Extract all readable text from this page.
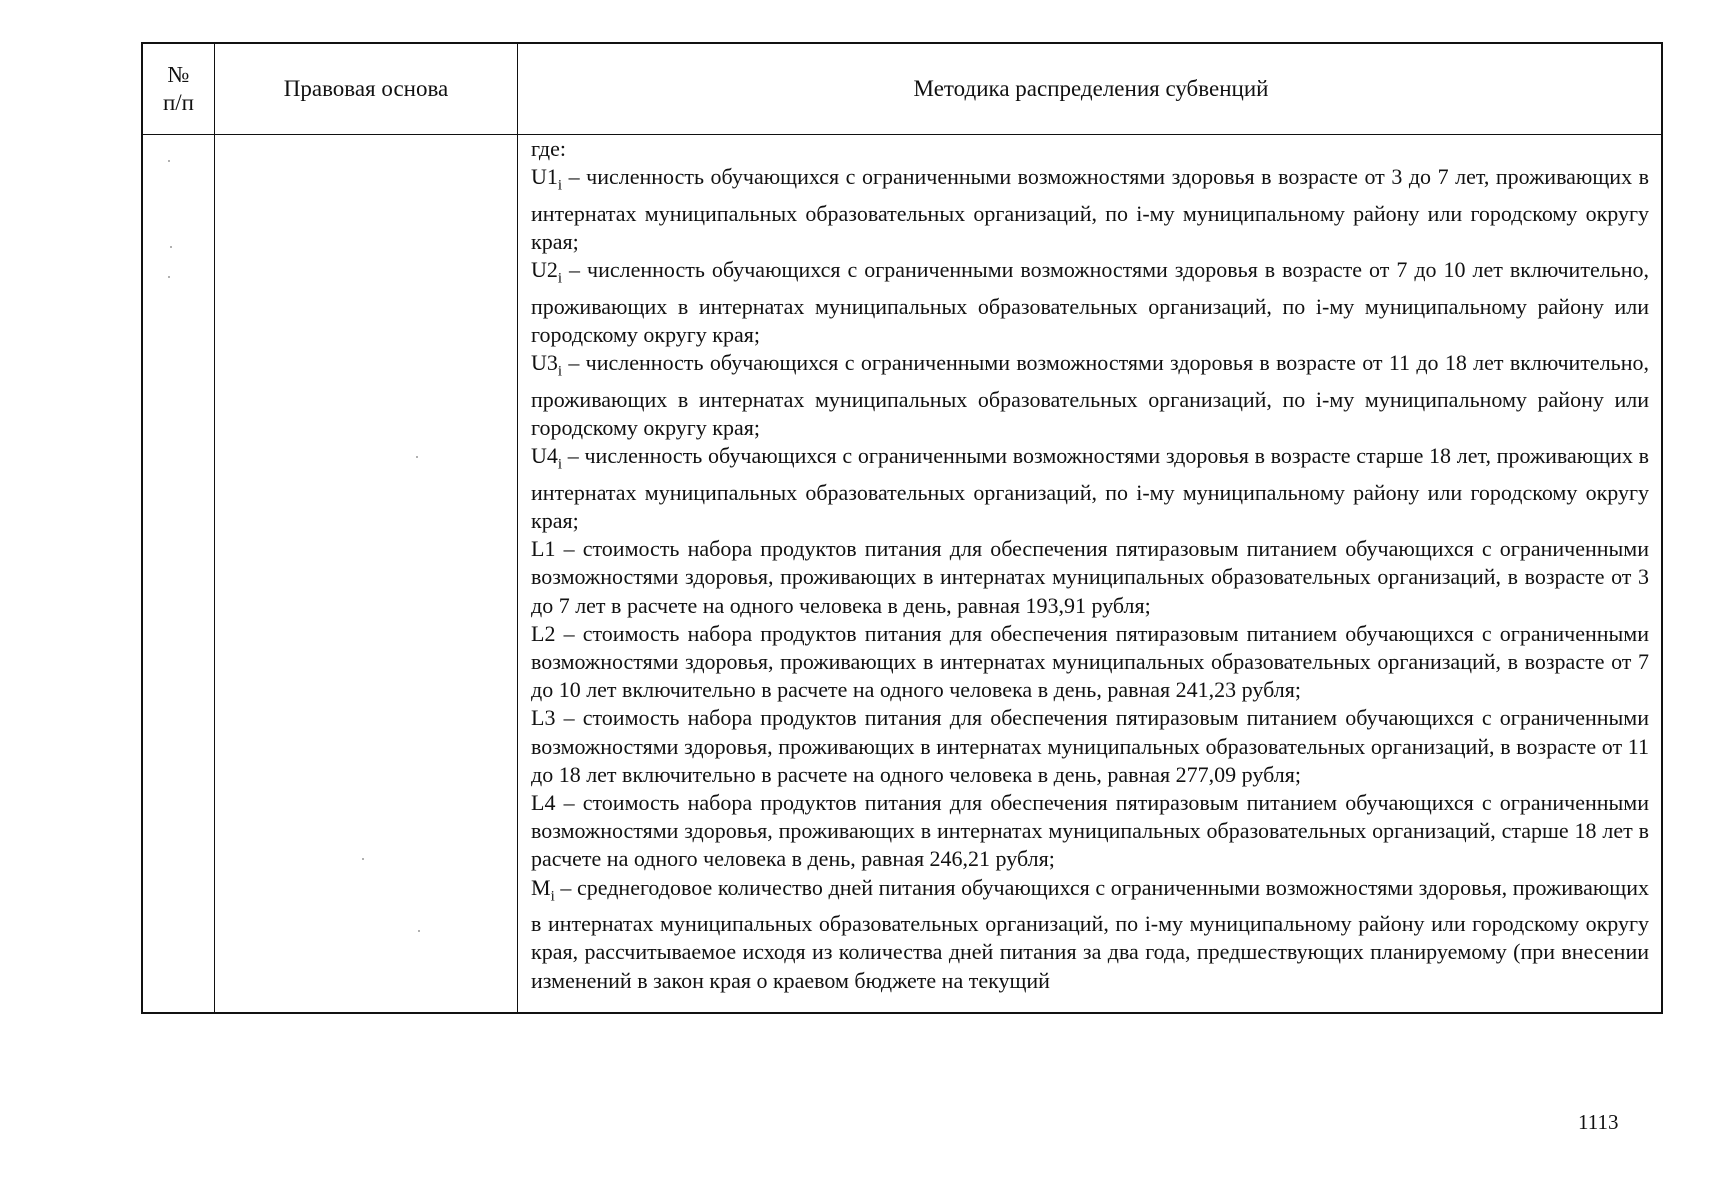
№
п/п
Правовая основа	Методика распределения субвенций

где:

$U1_i$ – численность обучающихся с ограниченными возможностями здоровья в возрасте от 3 до 7 лет, проживающих в интернатах муниципальных образовательных организаций, по i-му муниципальному району или городскому округу края;

$U2_i$ – численность обучающихся с ограниченными возможностями здоровья в возрасте от 7 до 10 лет включительно, проживающих в интернатах муниципальных образовательных организаций, по i-му муниципальному району или городскому округу края;

$U3_i$ – численность обучающихся с ограниченными возможностями здоровья в возрасте от 11 до 18 лет включительно, проживающих в интернатах муниципальных образовательных организаций, по i-му муниципальному району или городскому округу края;

$U4_i$ – численность обучающихся с ограниченными возможностями здоровья в возрасте старше 18 лет, проживающих в интернатах муниципальных образовательных организаций, по i-му муниципальному району или городскому округу края;

L1 – стоимость набора продуктов питания для обеспечения пятиразовым питанием обучающихся с ограниченными возможностями здоровья, проживающих в интернатах муниципальных образовательных организаций, в возрасте от 3 до 7 лет в расчете на одного человека в день, равная 193,91 рубля;

L2 – стоимость набора продуктов питания для обеспечения пятиразовым питанием обучающихся с ограниченными возможностями здоровья, проживающих в интернатах муниципальных образовательных организаций, в возрасте от 7 до 10 лет включительно в расчете на одного человека в день, равная 241,23 рубля;

L3 – стоимость набора продуктов питания для обеспечения пятиразовым питанием обучающихся с ограниченными возможностями здоровья, проживающих в интернатах муниципальных образовательных организаций, в возрасте от 11 до 18 лет включительно в расчете на одного человека в день, равная 277,09 рубля;

L4 – стоимость набора продуктов питания для обеспечения пятиразовым питанием обучающихся с ограниченными возможностями здоровья, проживающих в интернатах муниципальных образовательных организаций, старше 18 лет в расчете на одного человека в день, равная 246,21 рубля;

$M_i$ – среднегодовое количество дней питания обучающихся с ограниченными возможностями здоровья, проживающих в интернатах муниципальных образовательных организаций, по i-му муниципальному району или городскому округу края, рассчитываемое исходя из количества дней питания за два года, предшествующих планируемому (при внесении изменений в закон края о краевом бюджете на текущий

1113
